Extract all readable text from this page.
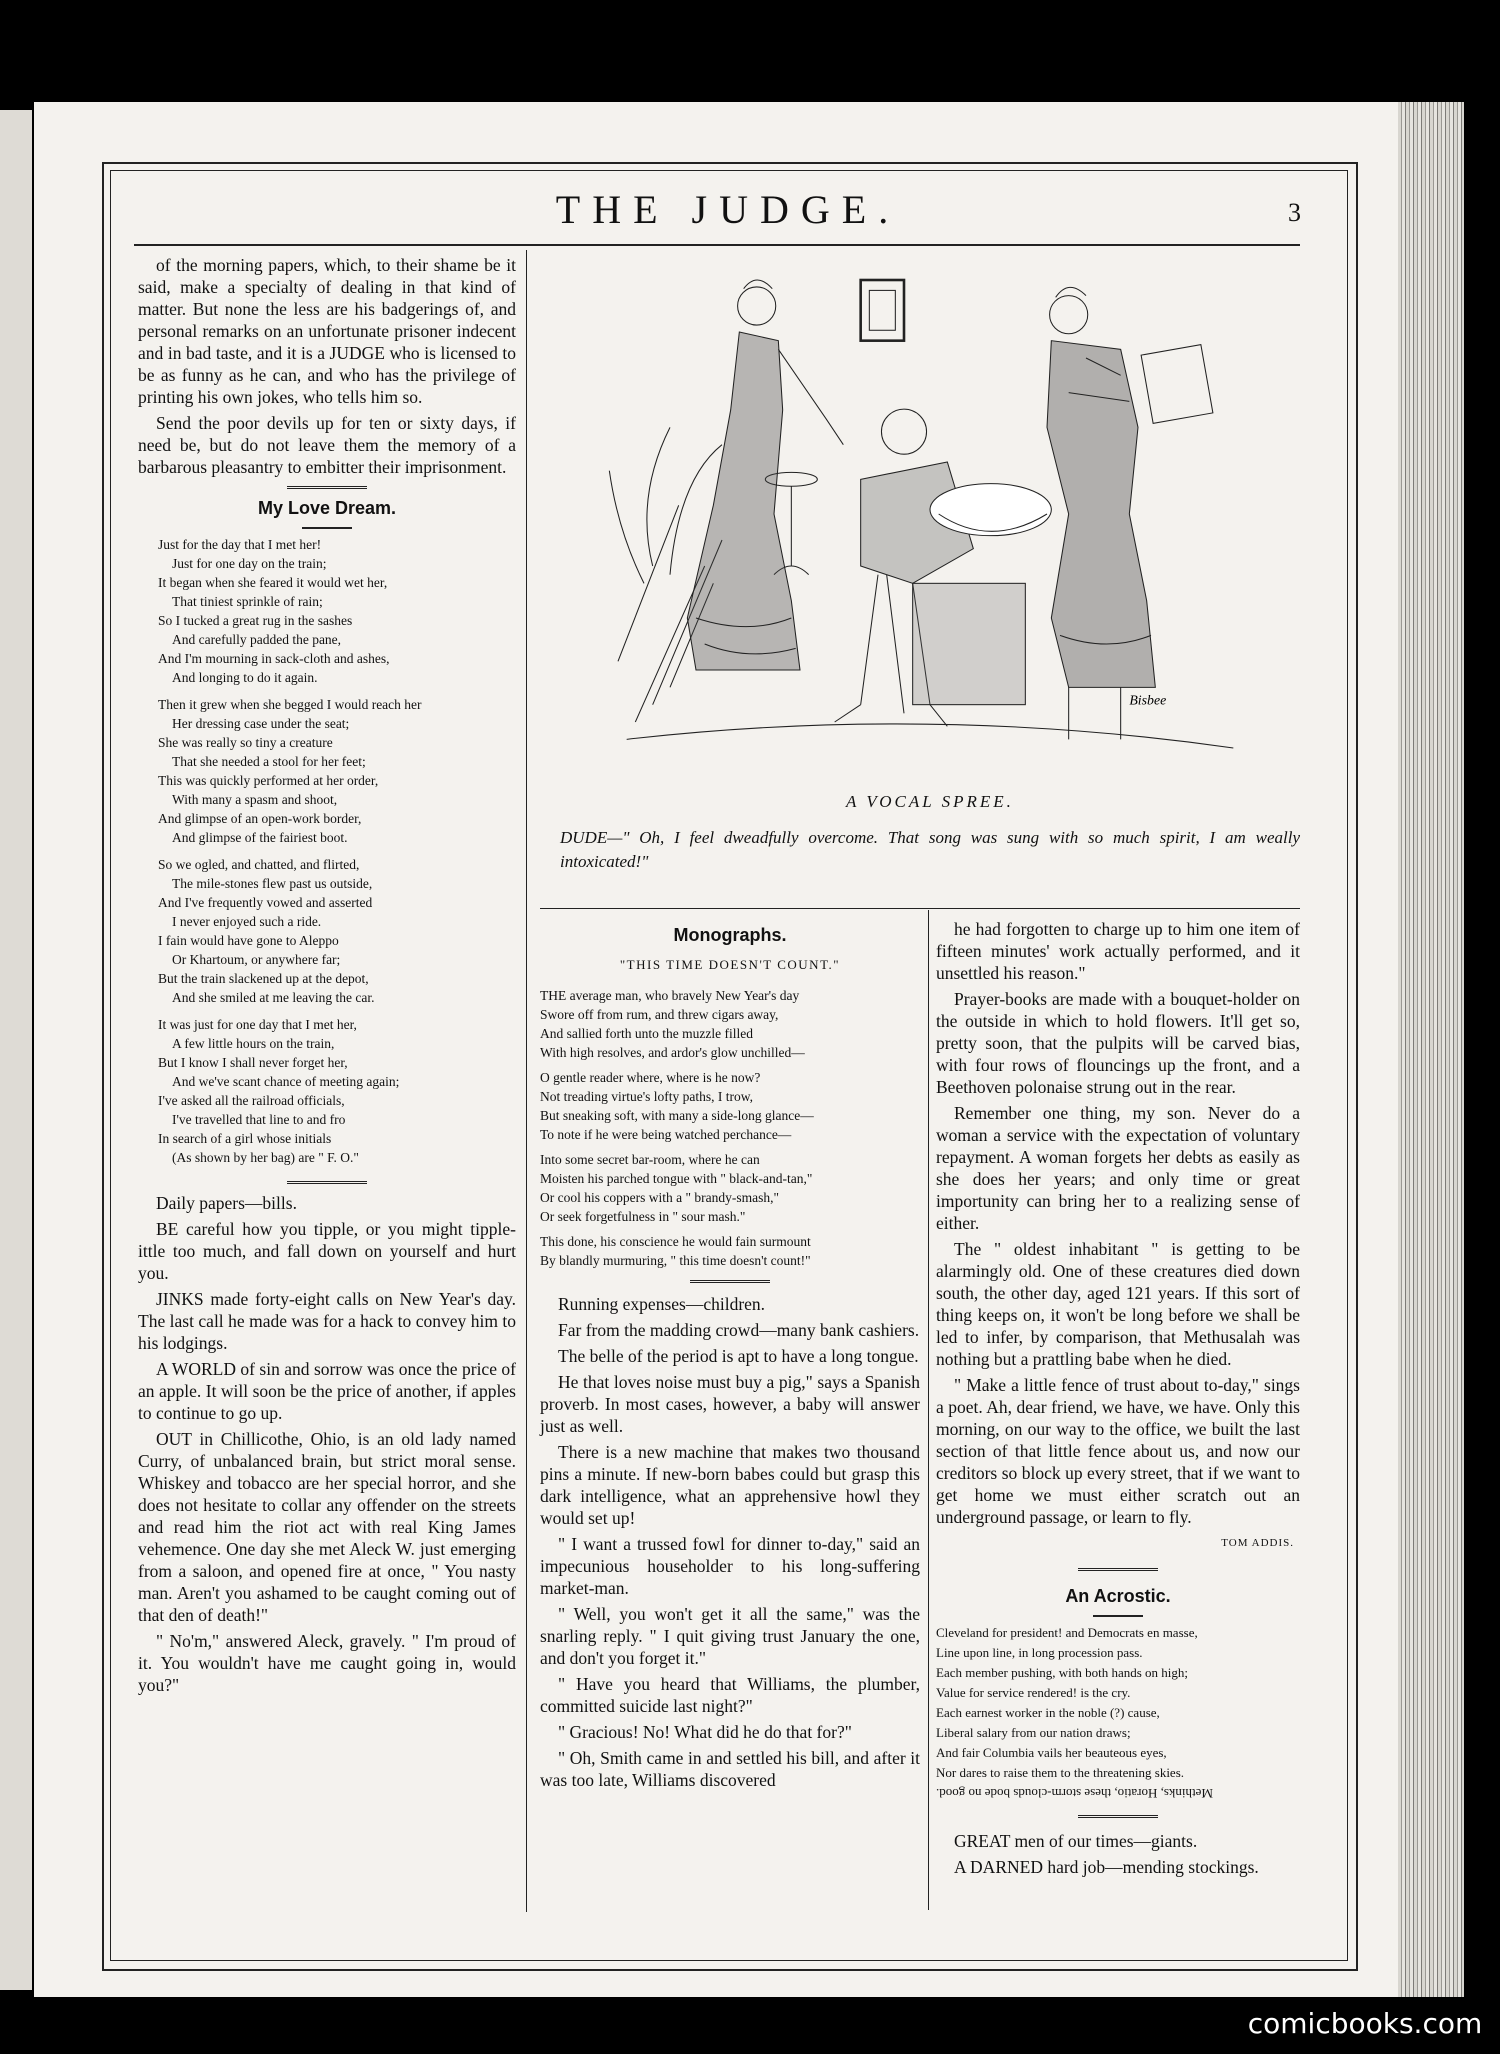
THE JUDGE.	3

of the morning papers, which, to their shame be it said, make a specialty of dealing in that kind of matter. But none the less are his badgerings of, and personal remarks on an unfortunate prisoner indecent and in bad taste, and it is a JUDGE who is licensed to be as funny as he can, and who has the privilege of printing his own jokes, who tells him so.

Send the poor devils up for ten or sixty days, if need be, but do not leave them the memory of a barbarous pleasantry to embitter their imprisonment.

My Love Dream.
Just for the day that I met her!
Just for one day on the train;
It began when she feared it would wet her,
That tiniest sprinkle of rain;
So I tucked a great rug in the sashes
And carefully padded the pane,
And I'm mourning in sack-cloth and ashes,
And longing to do it again.
Then it grew when she begged I would reach her
Her dressing case under the seat;
She was really so tiny a creature
That she needed a stool for her feet;
This was quickly performed at her order,
With many a spasm and shoot,
And glimpse of an open-work border,
And glimpse of the fairiest boot.
So we ogled, and chatted, and flirted,
The mile-stones flew past us outside,
And I've frequently vowed and asserted
I never enjoyed such a ride.
I fain would have gone to Aleppo
Or Khartoum, or anywhere far;
But the train slackened up at the depot,
And she smiled at me leaving the car.
It was just for one day that I met her,
A few little hours on the train,
But I know I shall never forget her,
And we've scant chance of meeting again;
I've asked all the railroad officials,
I've travelled that line to and fro
In search of a girl whose initials
(As shown by her bag) are " F. O."

Daily papers—bills.

BE careful how you tipple, or you might tipple-ittle too much, and fall down on yourself and hurt you.

JINKS made forty-eight calls on New Year's day. The last call he made was for a hack to convey him to his lodgings.

A WORLD of sin and sorrow was once the price of an apple. It will soon be the price of another, if apples to continue to go up.

OUT in Chillicothe, Ohio, is an old lady named Curry, of unbalanced brain, but strict moral sense. Whiskey and tobacco are her special horror, and she does not hesitate to collar any offender on the streets and read him the riot act with real King James vehemence. One day she met Aleck W. just emerging from a saloon, and opened fire at once, " You nasty man. Aren't you ashamed to be caught coming out of that den of death!"

" No'm," answered Aleck, gravely. " I'm proud of it. You wouldn't have me caught going in, would you?"

Bisbee
A VOCAL SPREE.
DUDE—" Oh, I feel dweadfully overcome. That song was sung with so much spirit, I am weally intoxicated!"
Monographs.
"THIS TIME DOESN'T COUNT."
THE average man, who bravely New Year's day
Swore off from rum, and threw cigars away,
And sallied forth unto the muzzle filled
With high resolves, and ardor's glow unchilled—
O gentle reader where, where is he now?
Not treading virtue's lofty paths, I trow,
But sneaking soft, with many a side-long glance—
To note if he were being watched perchance—
Into some secret bar-room, where he can
Moisten his parched tongue with " black-and-tan,"
Or cool his coppers with a " brandy-smash,"
Or seek forgetfulness in " sour mash."
This done, his conscience he would fain surmount
By blandly murmuring, " this time doesn't count!"

Running expenses—children.

Far from the madding crowd—many bank cashiers.

The belle of the period is apt to have a long tongue.

He that loves noise must buy a pig," says a Spanish proverb. In most cases, however, a baby will answer just as well.

There is a new machine that makes two thousand pins a minute. If new-born babes could but grasp this dark intelligence, what an apprehensive howl they would set up!

" I want a trussed fowl for dinner to-day," said an impecunious householder to his long-suffering market-man.

" Well, you won't get it all the same," was the snarling reply. " I quit giving trust January the one, and don't you forget it."

" Have you heard that Williams, the plumber, committed suicide last night?"

" Gracious! No! What did he do that for?"

" Oh, Smith came in and settled his bill, and after it was too late, Williams discovered

he had forgotten to charge up to him one item of fifteen minutes' work actually performed, and it unsettled his reason."

Prayer-books are made with a bouquet-holder on the outside in which to hold flowers. It'll get so, pretty soon, that the pulpits will be carved bias, with four rows of flouncings up the front, and a Beethoven polonaise strung out in the rear.

Remember one thing, my son. Never do a woman a service with the expectation of voluntary repayment. A woman forgets her debts as easily as she does her years; and only time or great importunity can bring her to a realizing sense of either.

The " oldest inhabitant " is getting to be alarmingly old. One of these creatures died down south, the other day, aged 121 years. If this sort of thing keeps on, it won't be long before we shall be led to infer, by comparison, that Methusalah was nothing but a prattling babe when he died.

" Make a little fence of trust about to-day," sings a poet. Ah, dear friend, we have, we have. Only this morning, on our way to the office, we built the last section of that little fence about us, and now our creditors so block up every street, that if we want to get home we must either scratch out an underground passage, or learn to fly.

TOM ADDIS.
An Acrostic.
Cleveland for president! and Democrats en masse,
Line upon line, in long procession pass.
Each member pushing, with both hands on high;
Value for service rendered! is the cry.
Each earnest worker in the noble (?) cause,
Liberal salary from our nation draws;
And fair Columbia vails her beauteous eyes,
Nor dares to raise them to the threatening skies.
Methinks, Horatio, these storm-clouds bode no good.

GREAT men of our times—giants.

A DARNED hard job—mending stockings.

comicbooks.com
